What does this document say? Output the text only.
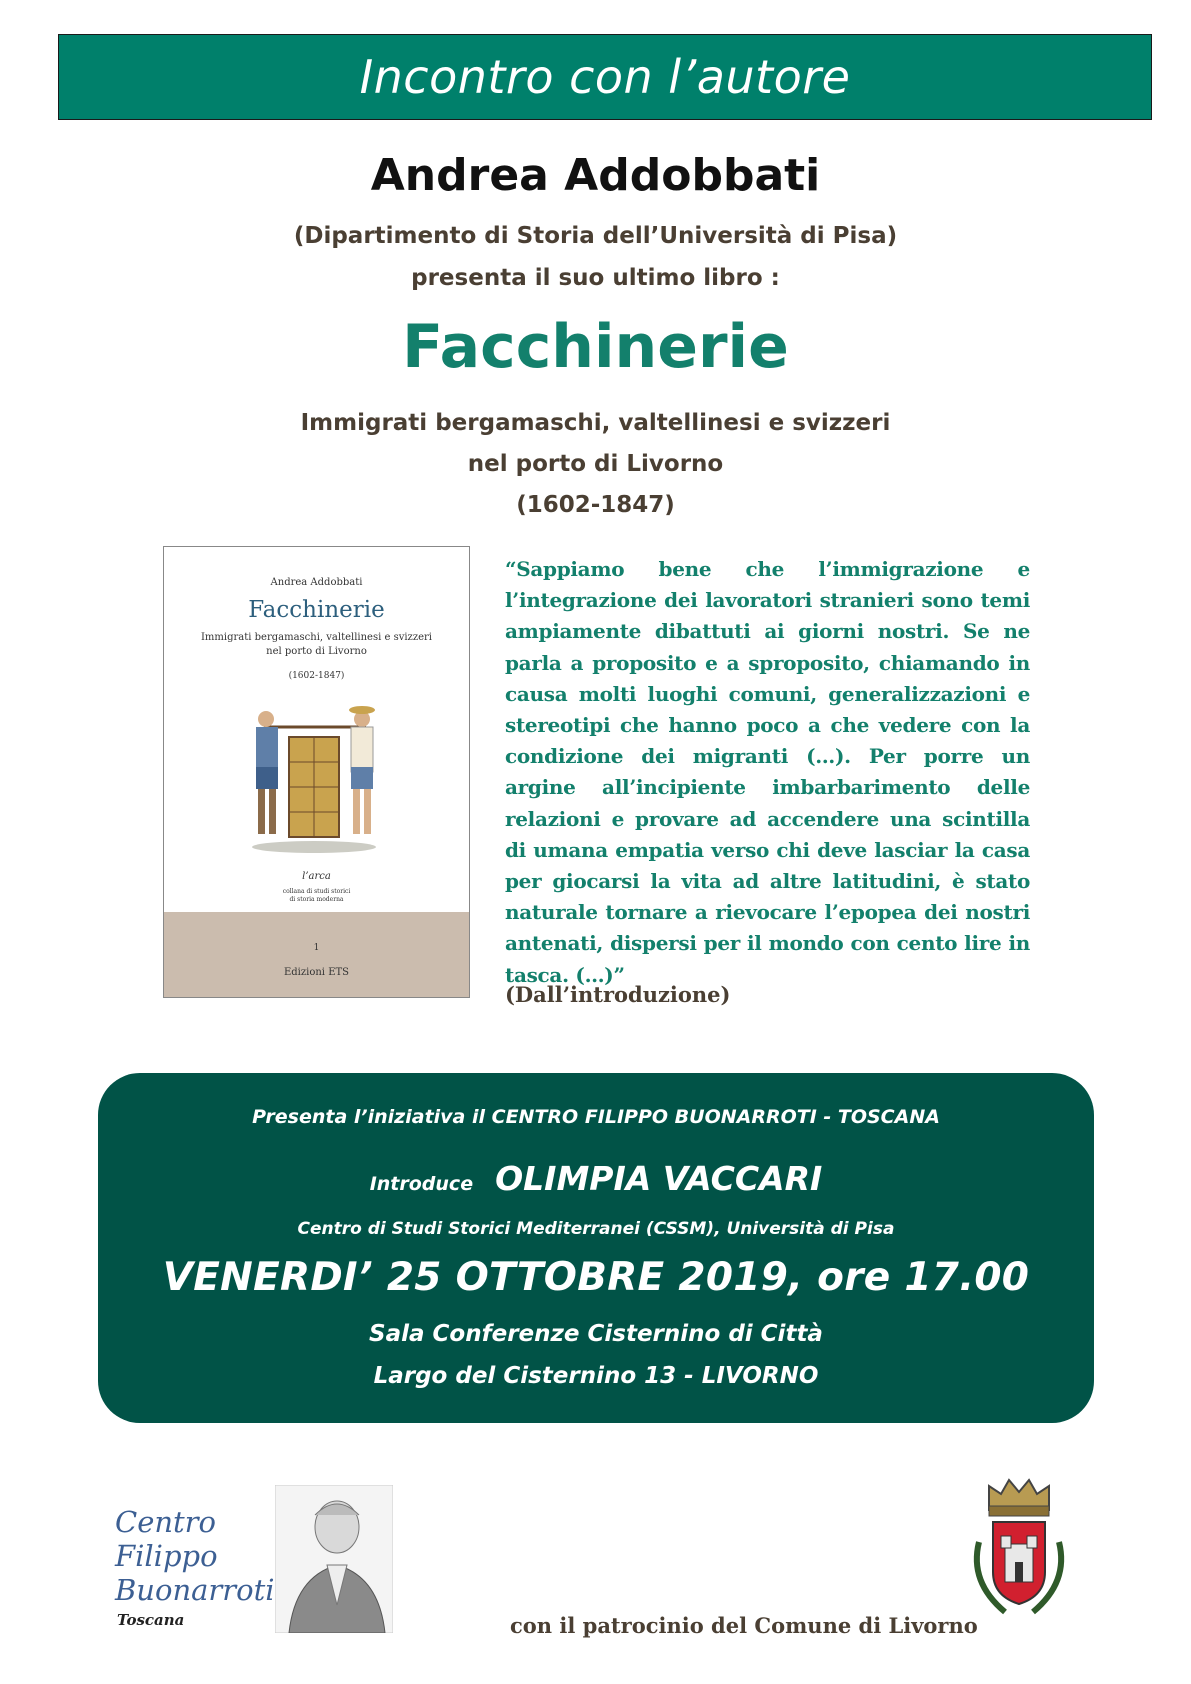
Incontro con l’autore
Andrea Addobbati
(Dipartimento di Storia dell’Università di Pisa)
presenta il suo ultimo libro :
Facchinerie
Immigrati bergamaschi, valtellinesi e svizzeri
nel porto di Livorno
(1602-1847)
Andrea Addobbati
Facchinerie
Immigrati bergamaschi, valtellinesi e svizzeri
nel porto di Livorno
(1602-1847)
l’arca
collana di studi storici
di storia moderna
1
Edizioni ETS
“Sappiamo bene che l’immigrazione e l’integrazione dei lavoratori stranieri sono temi ampiamente dibattuti ai giorni nostri. Se ne parla a proposito e a sproposito, chiamando in causa molti luoghi comuni, generalizzazioni e stereotipi che hanno poco a che vedere con la condizione dei migranti (…). Per porre un argine all’incipiente imbarbarimento delle relazioni e provare ad accendere una scintilla di umana empatia verso chi deve lasciar la casa per giocarsi la vita ad altre latitudini, è stato naturale tornare a rievocare l’epopea dei nostri antenati, dispersi per il mondo con cento lire in tasca. (…)”
(Dall’introduzione)
Presenta l’iniziativa il CENTRO FILIPPO BUONARROTI - TOSCANA
Introduce OLIMPIA VACCARI
Centro di Studi Storici Mediterranei (CSSM), Università di Pisa
VENERDI’ 25 OTTOBRE 2019, ore 17.00
Sala Conferenze Cisternino di Città
Largo del Cisternino 13 - LIVORNO
Centro
Filippo
Buonarroti
Toscana	con il patrocinio del Comune di Livorno
